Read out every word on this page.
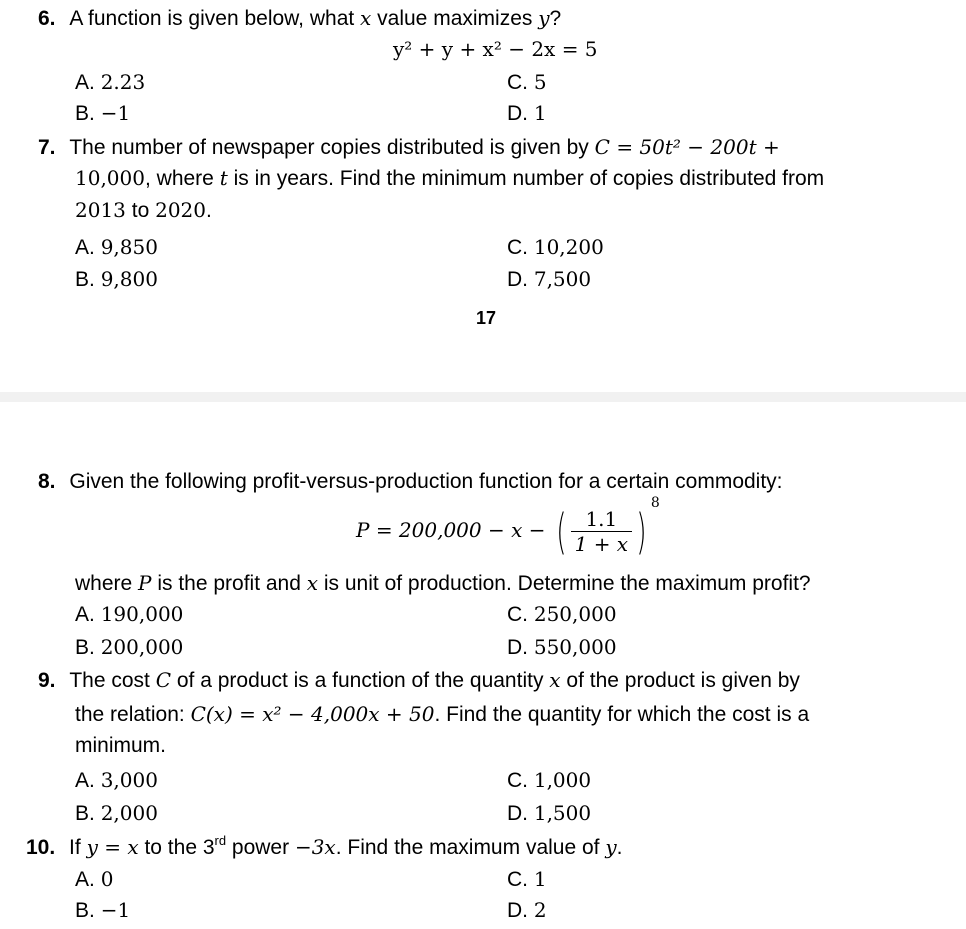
6. A function is given below, what x value maximizes y?
y² + y + x² − 2x = 5
A. 2.23	C. 5
B. −1	D. 1
7. The number of newspaper copies distributed is given by C = 50t² − 200t +
10,000, where t is in years. Find the minimum number of copies distributed from
2013 to 2020.
A. 9,850	C. 10,200
B. 9,800	D. 7,500
17
8. Given the following profit-versus-production function for a certain commodity:
P = 200,000 − x − ( $\frac{1.1}{1 + x} )^8$
where P is the profit and x is unit of production. Determine the maximum profit?
A. 190,000	C. 250,000
B. 200,000	D. 550,000
9. The cost C of a product is a function of the quantity x of the product is given by
the relation: C(x) = x² − 4,000x + 50. Find the quantity for which the cost is a
minimum.
A. 3,000	C. 1,000
B. 2,000	D. 1,500
10. If y = x to the 3rd power −3x. Find the maximum value of y.
A. 0	C. 1
B. −1	D. 2
